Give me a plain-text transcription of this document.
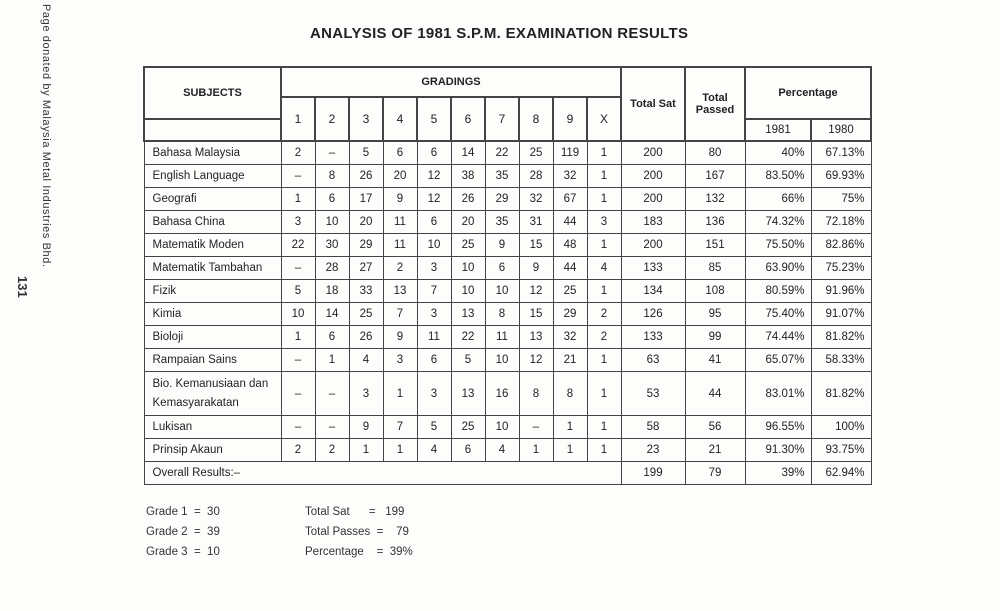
Page donated by Malaysia Metal Industries Bhd.
131
ANALYSIS OF 1981 S.P.M. EXAMINATION RESULTS
SUBJECTS	GRADINGS										Total Sat	Total Passed	Percentage	
	1	2	3	4	5	6	7	8	9	X				
													1981	1980
Bahasa Malaysia	2	–	5	6	6	14	22	25	119	1	200	80	40%	67.13%
English Language	–	8	26	20	12	38	35	28	32	1	200	167	83.50%	69.93%
Geografi	1	6	17	9	12	26	29	32	67	1	200	132	66%	75%
Bahasa China	3	10	20	11	6	20	35	31	44	3	183	136	74.32%	72.18%
Matematik Moden	22	30	29	11	10	25	9	15	48	1	200	151	75.50%	82.86%
Matematik Tambahan	–	28	27	2	3	10	6	9	44	4	133	85	63.90%	75.23%
Fizik	5	18	33	13	7	10	10	12	25	1	134	108	80.59%	91.96%
Kimia	10	14	25	7	3	13	8	15	29	2	126	95	75.40%	91.07%
Bioloji	1	6	26	9	11	22	11	13	32	2	133	99	74.44%	81.82%
Rampaian Sains	–	1	4	3	6	5	10	12	21	1	63	41	65.07%	58.33%
Bio. Kemanusiaan dan Kemasyarakatan	–	–	3	1	3	13	16	8	8	1	53	44	83.01%	81.82%
Lukisan	–	–	9	7	5	25	10	–	1	1	58	56	96.55%	100%
Prinsip Akaun	2	2	1	1	4	6	4	1	1	1	23	21	91.30%	93.75%
Overall Results:–											199	79	39%	62.94%
Grade 1  =  30
Grade 2  =  39
Grade 3  =  10
Total Sat      =   199
Total Passes  =    79
Percentage    =  39%
